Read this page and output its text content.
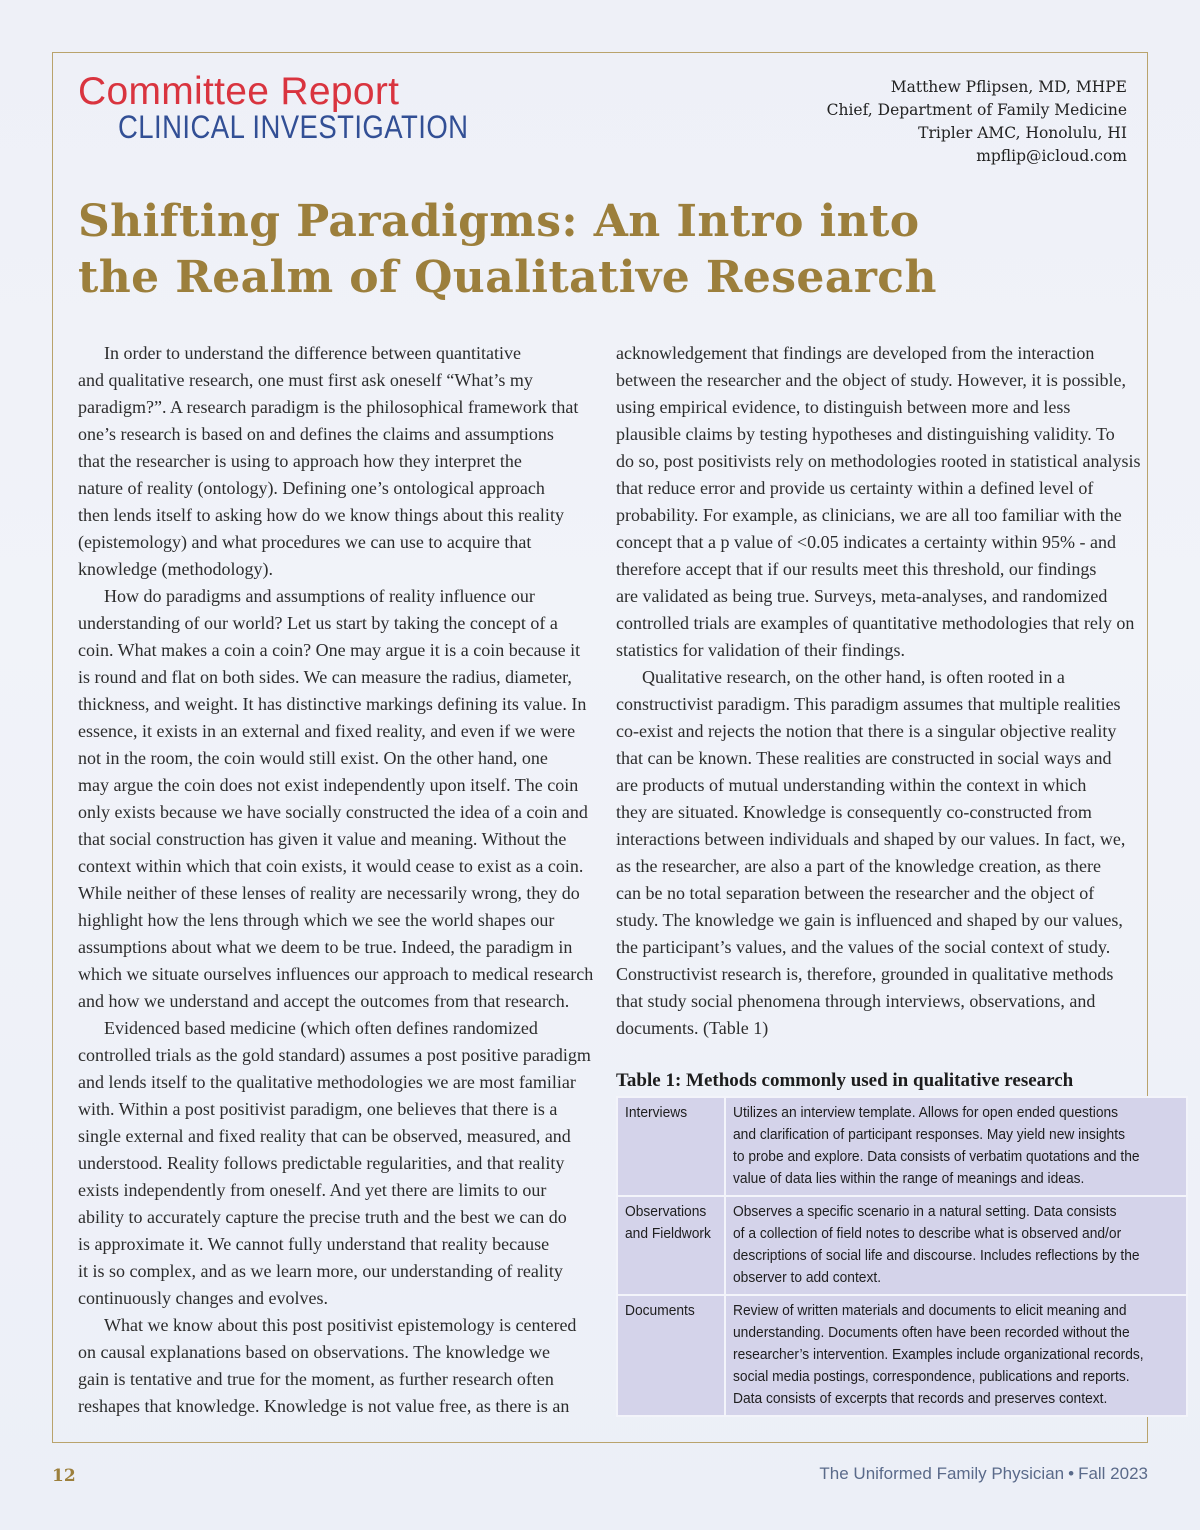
Committee Report
CLINICAL INVESTIGATION
Matthew Pflipsen, MD, MHPE
Chief, Department of Family Medicine
Tripler AMC, Honolulu, HI
mpflip@icloud.com
Shifting Paradigms: An Intro into
the Realm of Qualitative Research
In order to understand the difference between quantitative
and qualitative research, one must first ask oneself “What’s my
paradigm?”. A research paradigm is the philosophical framework that
one’s research is based on and defines the claims and assumptions
that the researcher is using to approach how they interpret the
nature of reality (ontology). Defining one’s ontological approach
then lends itself to asking how do we know things about this reality
(epistemology) and what procedures we can use to acquire that
knowledge (methodology).
How do paradigms and assumptions of reality influence our
understanding of our world? Let us start by taking the concept of a
coin. What makes a coin a coin? One may argue it is a coin because it
is round and flat on both sides. We can measure the radius, diameter,
thickness, and weight. It has distinctive markings defining its value. In
essence, it exists in an external and fixed reality, and even if we were
not in the room, the coin would still exist. On the other hand, one
may argue the coin does not exist independently upon itself. The coin
only exists because we have socially constructed the idea of a coin and
that social construction has given it value and meaning. Without the
context within which that coin exists, it would cease to exist as a coin.
While neither of these lenses of reality are necessarily wrong, they do
highlight how the lens through which we see the world shapes our
assumptions about what we deem to be true. Indeed, the paradigm in
which we situate ourselves influences our approach to medical research
and how we understand and accept the outcomes from that research.
Evidenced based medicine (which often defines randomized
controlled trials as the gold standard) assumes a post positive paradigm
and lends itself to the qualitative methodologies we are most familiar
with. Within a post positivist paradigm, one believes that there is a
single external and fixed reality that can be observed, measured, and
understood. Reality follows predictable regularities, and that reality
exists independently from oneself. And yet there are limits to our
ability to accurately capture the precise truth and the best we can do
is approximate it. We cannot fully understand that reality because
it is so complex, and as we learn more, our understanding of reality
continuously changes and evolves.
What we know about this post positivist epistemology is centered
on causal explanations based on observations. The knowledge we
gain is tentative and true for the moment, as further research often
reshapes that knowledge. Knowledge is not value free, as there is an
acknowledgement that findings are developed from the interaction
between the researcher and the object of study. However, it is possible,
using empirical evidence, to distinguish between more and less
plausible claims by testing hypotheses and distinguishing validity. To
do so, post positivists rely on methodologies rooted in statistical analysis
that reduce error and provide us certainty within a defined level of
probability. For example, as clinicians, we are all too familiar with the
concept that a p value of <0.05 indicates a certainty within 95% - and
therefore accept that if our results meet this threshold, our findings
are validated as being true. Surveys, meta-analyses, and randomized
controlled trials are examples of quantitative methodologies that rely on
statistics for validation of their findings.
Qualitative research, on the other hand, is often rooted in a
constructivist paradigm. This paradigm assumes that multiple realities
co-exist and rejects the notion that there is a singular objective reality
that can be known. These realities are constructed in social ways and
are products of mutual understanding within the context in which
they are situated. Knowledge is consequently co-constructed from
interactions between individuals and shaped by our values. In fact, we,
as the researcher, are also a part of the knowledge creation, as there
can be no total separation between the researcher and the object of
study. The knowledge we gain is influenced and shaped by our values,
the participant’s values, and the values of the social context of study.
Constructivist research is, therefore, grounded in qualitative methods
that study social phenomena through interviews, observations, and
documents. (Table 1)
Table 1: Methods commonly used in qualitative research
Interviews	Utilizes an interview template. Allows for open ended questions
and clarification of participant responses. May yield new insights
to probe and explore. Data consists of verbatim quotations and the
value of data lies within the range of meanings and ideas.

Observations
and Fieldwork	Observes a specific scenario in a natural setting. Data consists
of a collection of field notes to describe what is observed and/or
descriptions of social life and discourse. Includes reflections by the
observer to add context.

Documents	Review of written materials and documents to elicit meaning and
understanding. Documents often have been recorded without the
researcher’s intervention. Examples include organizational records,
social media postings, correspondence, publications and reports.
Data consists of excerpts that records and preserves context.
12	The Uniformed Family Physician • Fall 2023
